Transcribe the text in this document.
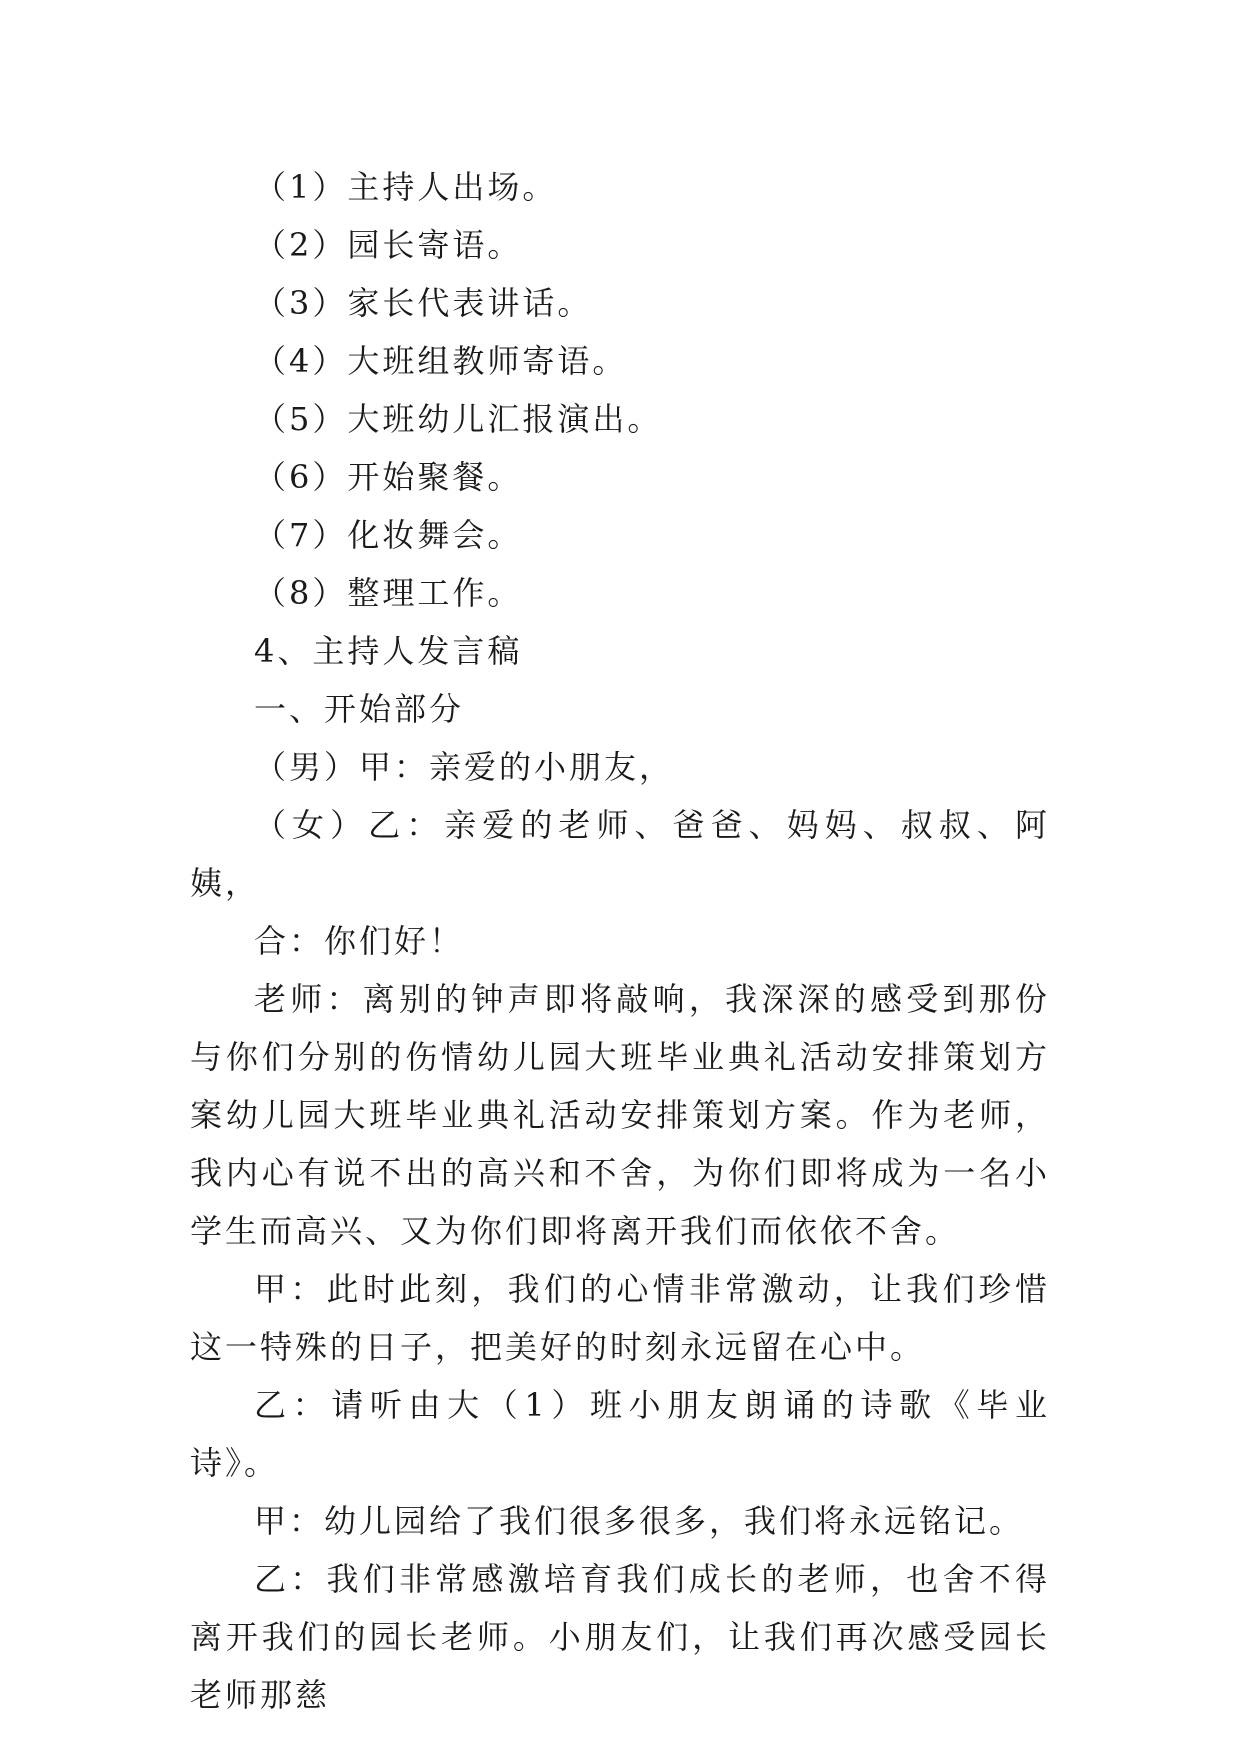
（1）主持人出场。

（2）园长寄语。

（3）家长代表讲话。

（4）大班组教师寄语。

（5）大班幼儿汇报演出。

（6）开始聚餐。

（7）化妆舞会。

（8）整理工作。

4、主持人发言稿

一、开始部分

（男）甲：亲爱的小朋友，

（女）乙：亲爱的老师、爸爸、妈妈、叔叔、阿姨，

合：你们好！

老师：离别的钟声即将敲响，我深深的感受到那份与你们分别的伤情幼儿园大班毕业典礼活动安排策划方案幼儿园大班毕业典礼活动安排策划方案。作为老师，我内心有说不出的高兴和不舍，为你们即将成为一名小学生而高兴、又为你们即将离开我们而依依不舍。

甲：此时此刻，我们的心情非常激动，让我们珍惜这一特殊的日子，把美好的时刻永远留在心中。

乙：请听由大（1）班小朋友朗诵的诗歌《毕业诗》。

甲：幼儿园给了我们很多很多，我们将永远铭记。

乙：我们非常感激培育我们成长的老师，也舍不得离开我们的园长老师。小朋友们，让我们再次感受园长老师那慈
